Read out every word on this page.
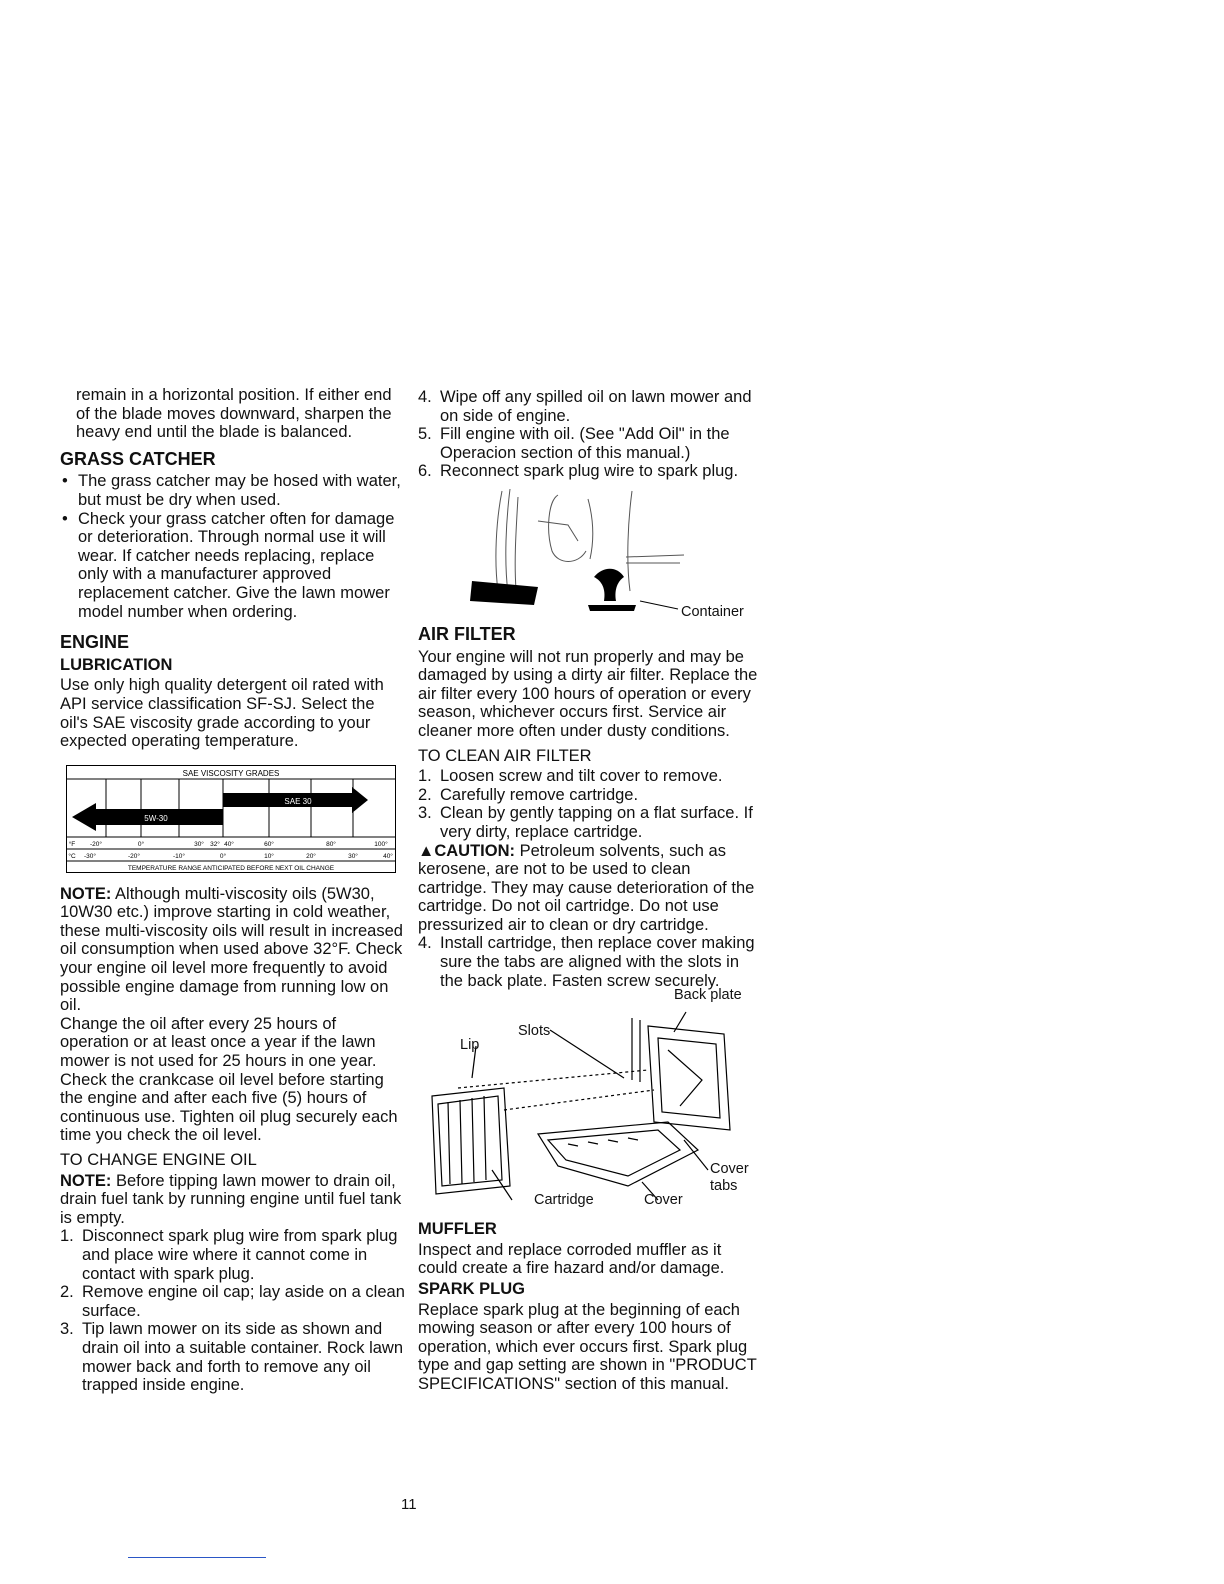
remain in a horizontal position. If either end of the blade moves downward, sharpen the heavy end until the blade is balanced.

GRASS CATCHER
• The grass catcher may be hosed with water, but must be dry when used.
• Check your grass catcher often for damage or deterioration. Through normal use it will wear. If catcher needs replacing, replace only with a manufacturer approved replacement catcher. Give the lawn mower model number when ordering.
ENGINE
LUBRICATION

Use only high quality detergent oil rated with API service classification SF-SJ. Select the oil's SAE viscosity grade according to your expected operating temperature.

SAE VISCOSITY GRADES
5W-30
SAE 30
°F -20°	0°	30° 32° 40°	60°	80°	100°
°C -30°	-20°	-10°	0°	10°	20°	30°	40°
TEMPERATURE RANGE ANTICIPATED BEFORE NEXT OIL CHANGE

NOTE: Although multi-viscosity oils (5W30, 10W30 etc.) improve starting in cold weather, these multi-viscosity oils will result in increased oil consumption when used above 32°F. Check your engine oil level more frequently to avoid possible engine damage from running low on oil.

Change the oil after every 25 hours of operation or at least once a year if the lawn mower is not used for 25 hours in one year.

Check the crankcase oil level before starting the engine and after each five (5) hours of continuous use. Tighten oil plug securely each time you check the oil level.

TO CHANGE ENGINE OIL

NOTE: Before tipping lawn mower to drain oil, drain fuel tank by running engine until fuel tank is empty.

1. Disconnect spark plug wire from spark plug and place wire where it cannot come in contact with spark plug.
2. Remove engine oil cap; lay aside on a clean surface.
3. Tip lawn mower on its side as shown and drain oil into a suitable container. Rock lawn mower back and forth to remove any oil trapped inside engine.
4. Wipe off any spilled oil on lawn mower and on side of engine.
5. Fill engine with oil. (See "Add Oil" in the Operacion section of this manual.)
6. Reconnect spark plug wire to spark plug.
Container
AIR FILTER

Your engine will not run properly and may be damaged by using a dirty air filter. Replace the air filter every 100 hours of operation or every season, whichever occurs first. Service air cleaner more often under dusty conditions.

TO CLEAN AIR FILTER
1. Loosen screw and tilt cover to remove.
2. Carefully remove cartridge.
3. Clean by gently tapping on a flat surface. If very dirty, replace cartridge.

▲CAUTION: Petroleum solvents, such as kerosene, are not to be used to clean cartridge. They may cause deterioration of the cartridge. Do not oil cartridge. Do not use pressurized air to clean or dry cartridge.

4. Install cartridge, then replace cover making sure the tabs are aligned with the slots in the back plate. Fasten screw securely.
Back plate
Slots
Lip
Cover
tabs
Cartridge	Cover
MUFFLER

Inspect and replace corroded muffler as it could create a fire hazard and/or damage.

SPARK PLUG

Replace spark plug at the beginning of each mowing season or after every 100 hours of operation, which ever occurs first. Spark plug type and gap setting are shown in "PRODUCT SPECIFICATIONS" section of this manual.

11
